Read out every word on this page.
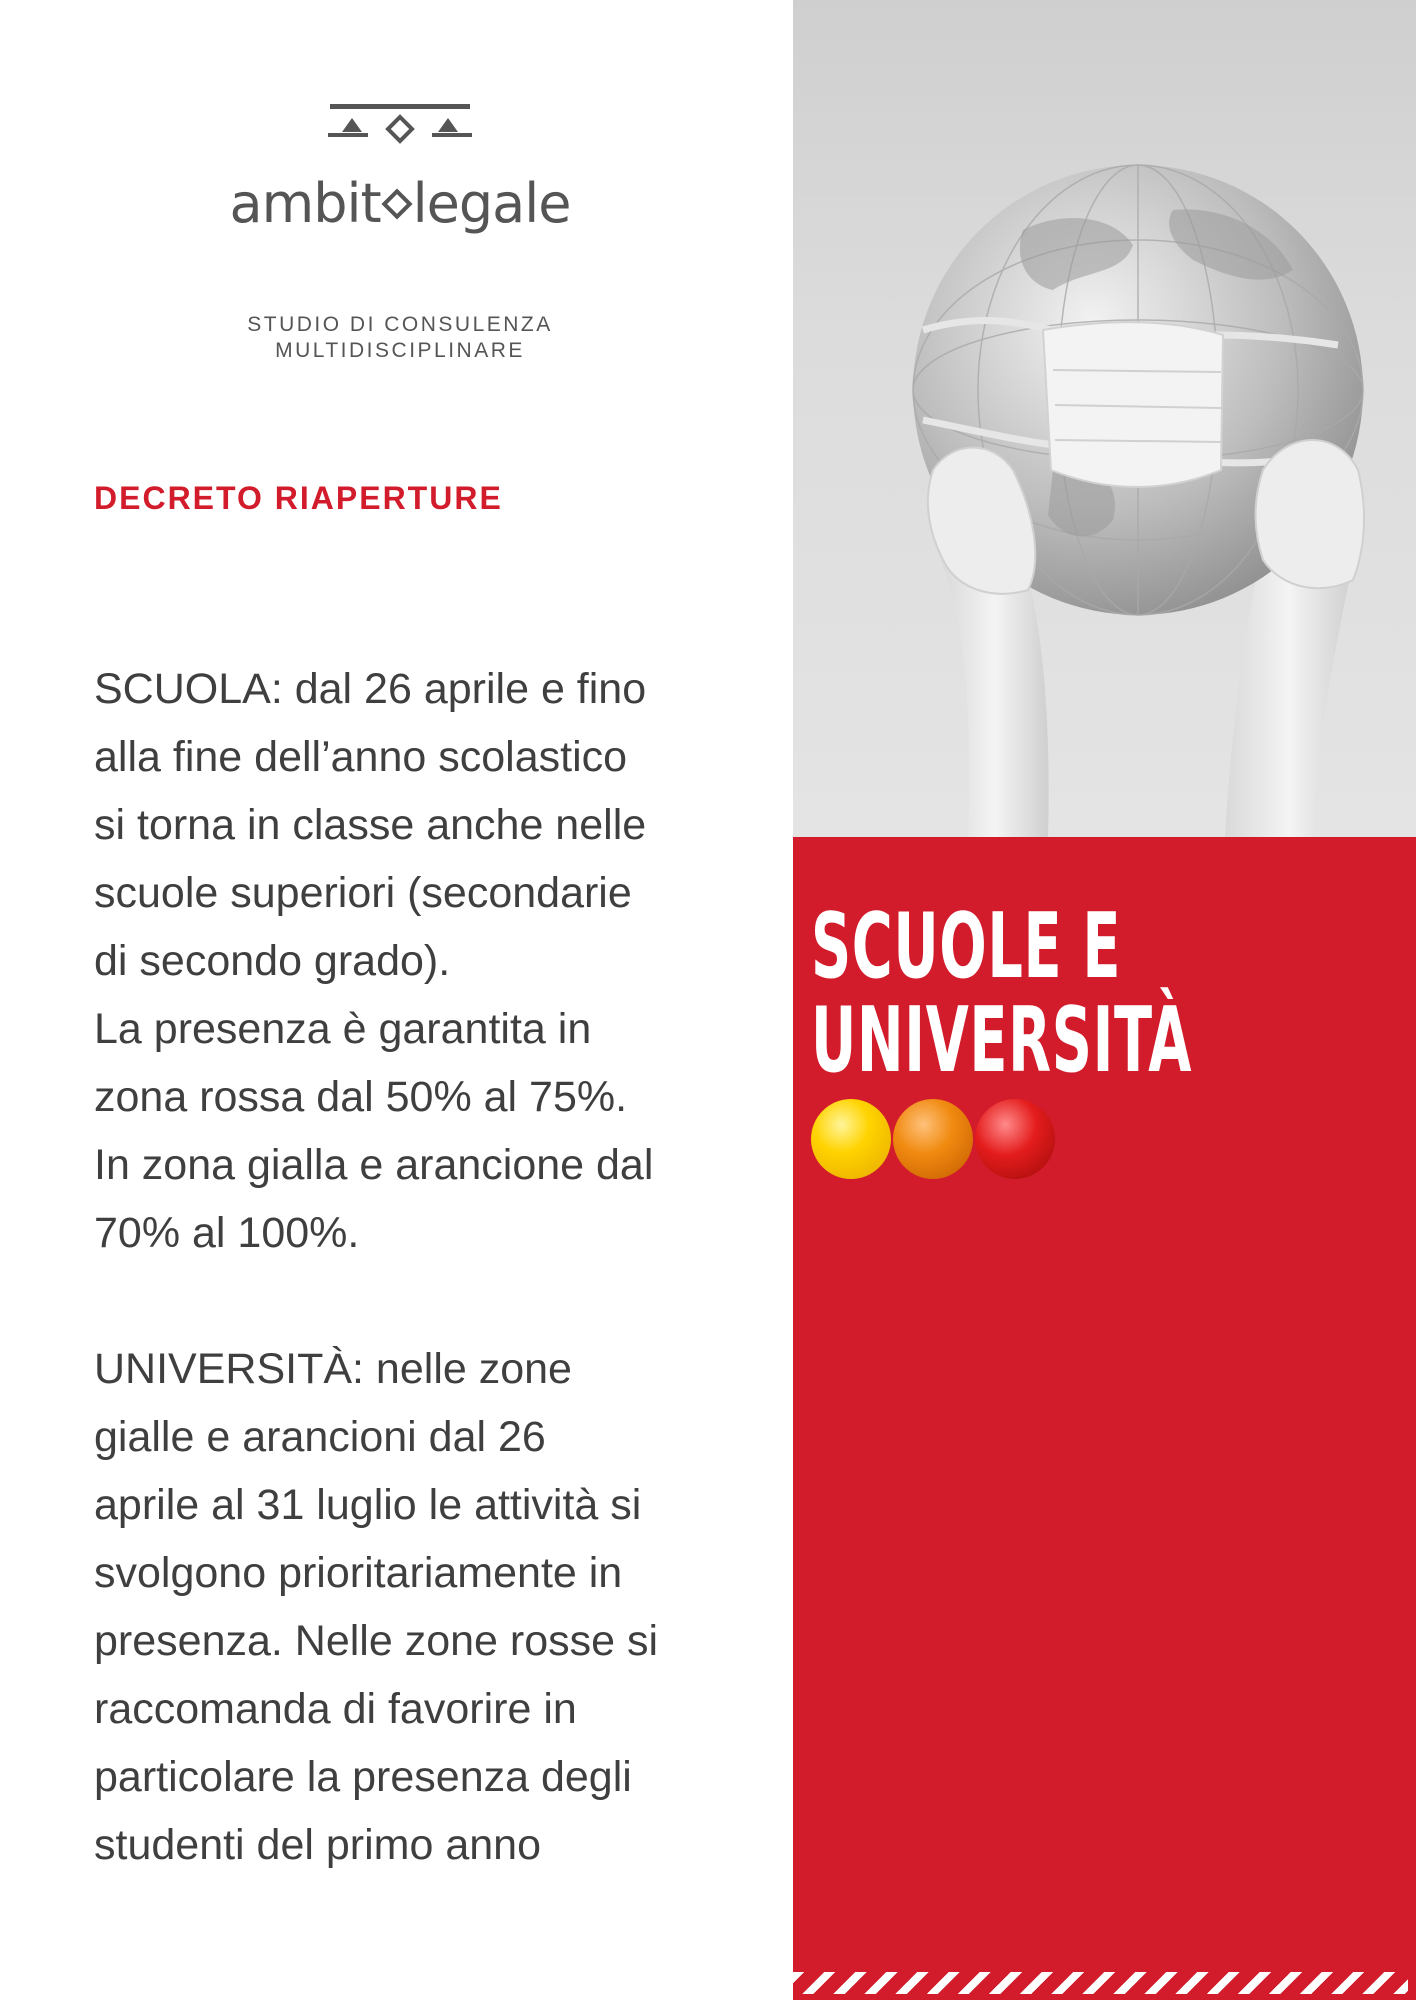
ambit legale
STUDIO DI CONSULENZA
MULTIDISCIPLINARE
DECRETO RIAPERTURE

SCUOLA: dal 26 aprile e fino
alla fine dell’anno scolastico
si torna in classe anche nelle
scuole superiori (secondarie
di secondo grado).
La presenza è garantita in
zona rossa dal 50% al 75%.
In zona gialla e arancione dal
70% al 100%.

UNIVERSITÀ: nelle zone
gialle e arancioni dal 26
aprile al 31 luglio le attività si
svolgono prioritariamente in
presenza. Nelle zone rosse si
raccomanda di favorire in
particolare la presenza degli
studenti del primo anno

SCUOLE E
UNIVERSITÀ
